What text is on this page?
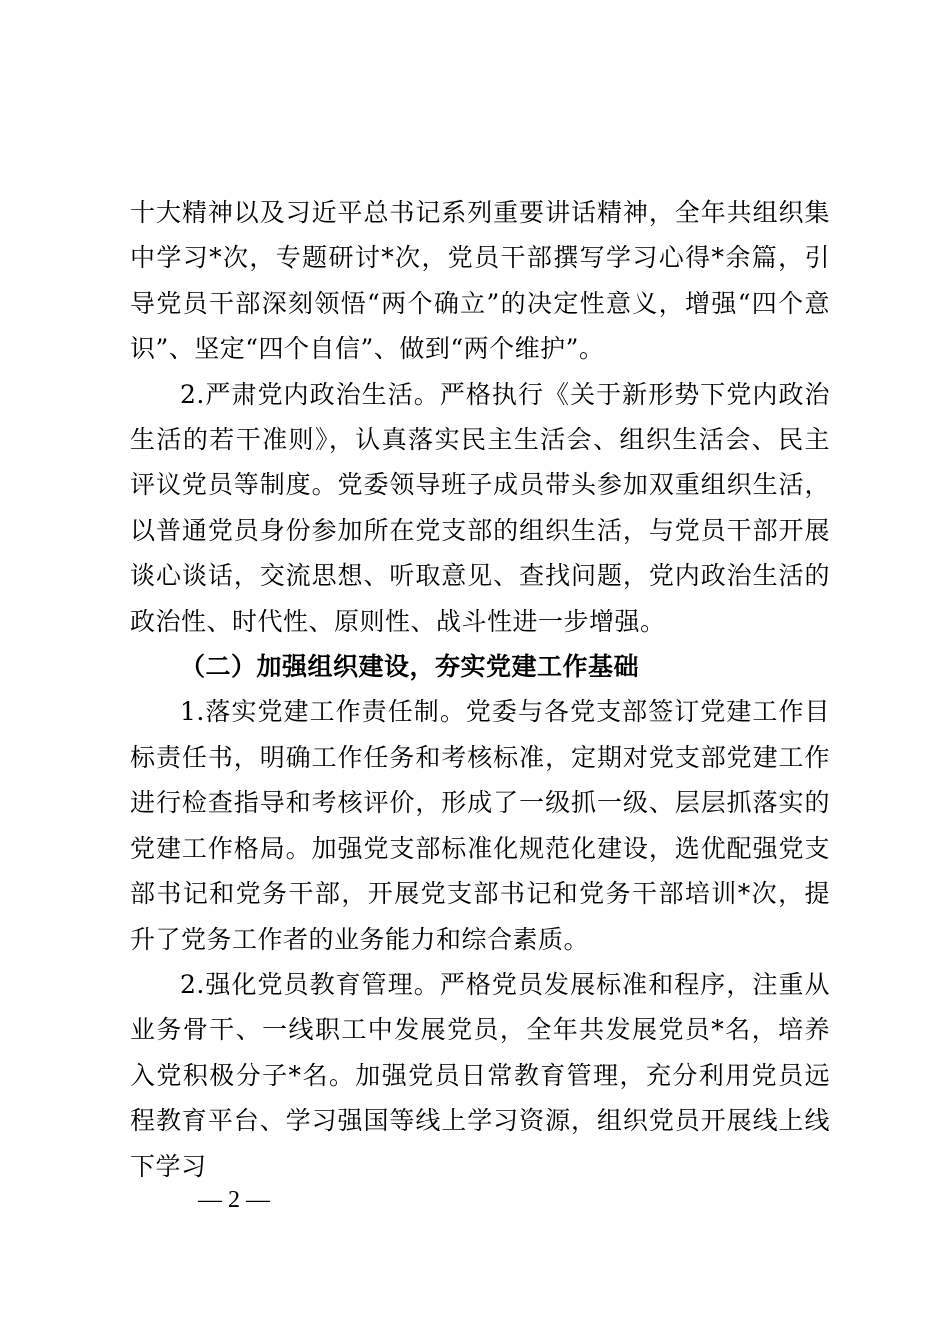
十大精神以及习近平总书记系列重要讲话精神，全年共组织集中学习*次，专题研讨*次，党员干部撰写学习心得*余篇，引导党员干部深刻领悟“两个确立”的决定性意义，增强“四个意识”、坚定“四个自信”、做到“两个维护”。

2.严肃党内政治生活。严格执行《关于新形势下党内政治生活的若干准则》，认真落实民主生活会、组织生活会、民主评议党员等制度。党委领导班子成员带头参加双重组织生活，以普通党员身份参加所在党支部的组织生活，与党员干部开展谈心谈话，交流思想、听取意见、查找问题，党内政治生活的政治性、时代性、原则性、战斗性进一步增强。

（二）加强组织建设，夯实党建工作基础

1.落实党建工作责任制。党委与各党支部签订党建工作目标责任书，明确工作任务和考核标准，定期对党支部党建工作进行检查指导和考核评价，形成了一级抓一级、层层抓落实的党建工作格局。加强党支部标准化规范化建设，选优配强党支部书记和党务干部，开展党支部书记和党务干部培训*次，提升了党务工作者的业务能力和综合素质。

2.强化党员教育管理。严格党员发展标准和程序，注重从业务骨干、一线职工中发展党员，全年共发展党员*名，培养入党积极分子*名。加强党员日常教育管理，充分利用党员远程教育平台、学习强国等线上学习资源，组织党员开展线上线下学习

— 2 —
